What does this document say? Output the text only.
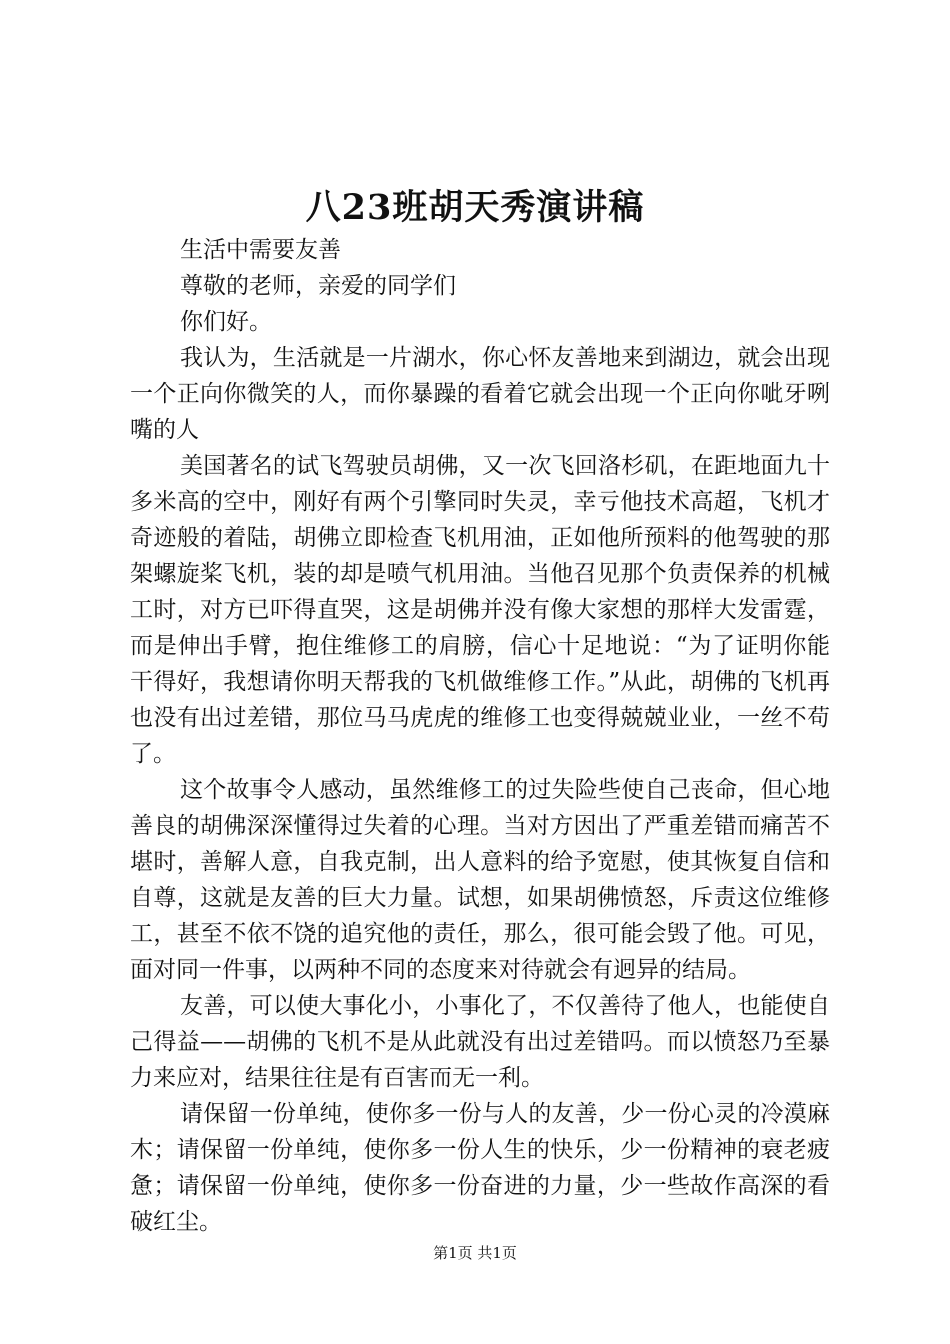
八23班胡天秀演讲稿

生活中需要友善

尊敬的老师，亲爱的同学们

你们好。

我认为，生活就是一片湖水，你心怀友善地来到湖边，就会出现一个正向你微笑的人，而你暴躁的看着它就会出现一个正向你呲牙咧嘴的人

美国著名的试飞驾驶员胡佛，又一次飞回洛杉矶，在距地面九十多米高的空中，刚好有两个引擎同时失灵，幸亏他技术高超，飞机才奇迹般的着陆，胡佛立即检查飞机用油，正如他所预料的他驾驶的那架螺旋桨飞机，装的却是喷气机用油。当他召见那个负责保养的机械工时，对方已吓得直哭，这是胡佛并没有像大家想的那样大发雷霆，而是伸出手臂，抱住维修工的肩膀，信心十足地说：“为了证明你能干得好，我想请你明天帮我的飞机做维修工作。”从此，胡佛的飞机再也没有出过差错，那位马马虎虎的维修工也变得兢兢业业，一丝不苟了。

这个故事令人感动，虽然维修工的过失险些使自己丧命，但心地善良的胡佛深深懂得过失着的心理。当对方因出了严重差错而痛苦不堪时，善解人意，自我克制，出人意料的给予宽慰，使其恢复自信和自尊，这就是友善的巨大力量。试想，如果胡佛愤怒，斥责这位维修工，甚至不依不饶的追究他的责任，那么，很可能会毁了他。可见，面对同一件事，以两种不同的态度来对待就会有迥异的结局。

友善，可以使大事化小，小事化了，不仅善待了他人，也能使自己得益——胡佛的飞机不是从此就没有出过差错吗。而以愤怒乃至暴力来应对，结果往往是有百害而无一利。

请保留一份单纯，使你多一份与人的友善，少一份心灵的冷漠麻木；请保留一份单纯，使你多一份人生的快乐，少一份精神的衰老疲惫；请保留一份单纯，使你多一份奋进的力量，少一些故作高深的看破红尘。

第1页 共1页
